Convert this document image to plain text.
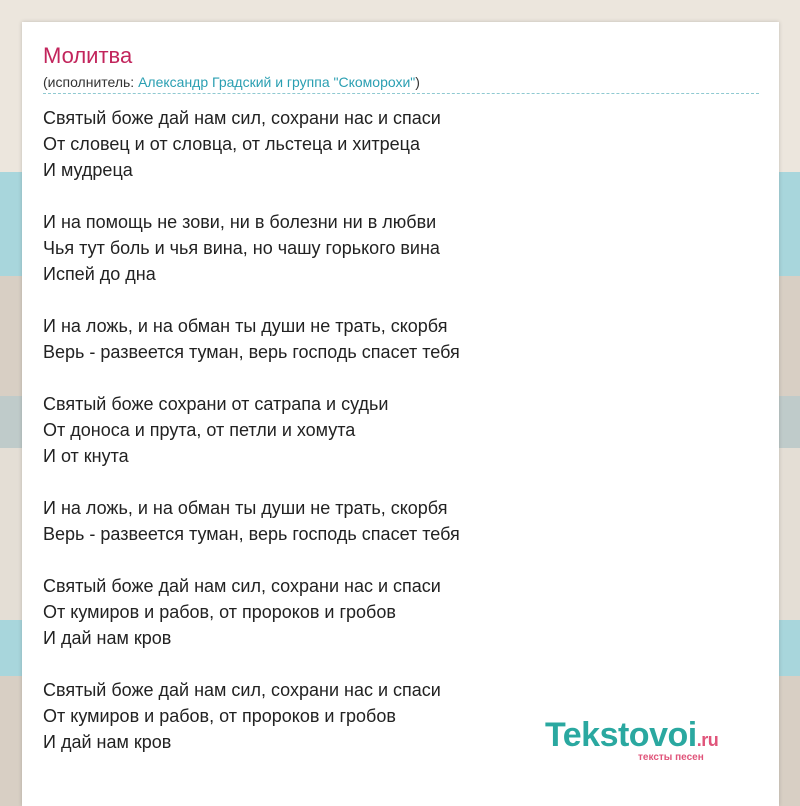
Молитва
(исполнитель: Александр Градский и группа "Скоморохи")
Святый боже дай нам сил, сохрани нас и спаси
От словец и от словца, от льстеца и хитреца
И мудреца
И на помощь не зови, ни в болезни ни в любви
Чья тут боль и чья вина, но чашу горького вина
Испей до дна
И на ложь, и на обман ты души не трать, скорбя
Верь - развеется туман, верь господь спасет тебя
Святый боже сохрани от сатрапа и судьи
От доноса и прута, от петли и хомута
И от кнута
И на ложь, и на обман ты души не трать, скорбя
Верь - развеется туман, верь господь спасет тебя
Святый боже дай нам сил, сохрани нас и спаси
От кумиров и рабов, от пророков и гробов
И дай нам кров
Святый боже дай нам сил, сохрани нас и спаси
От кумиров и рабов, от пророков и гробов
И дай нам кров	Tekstovoi.ru
тексты песен
